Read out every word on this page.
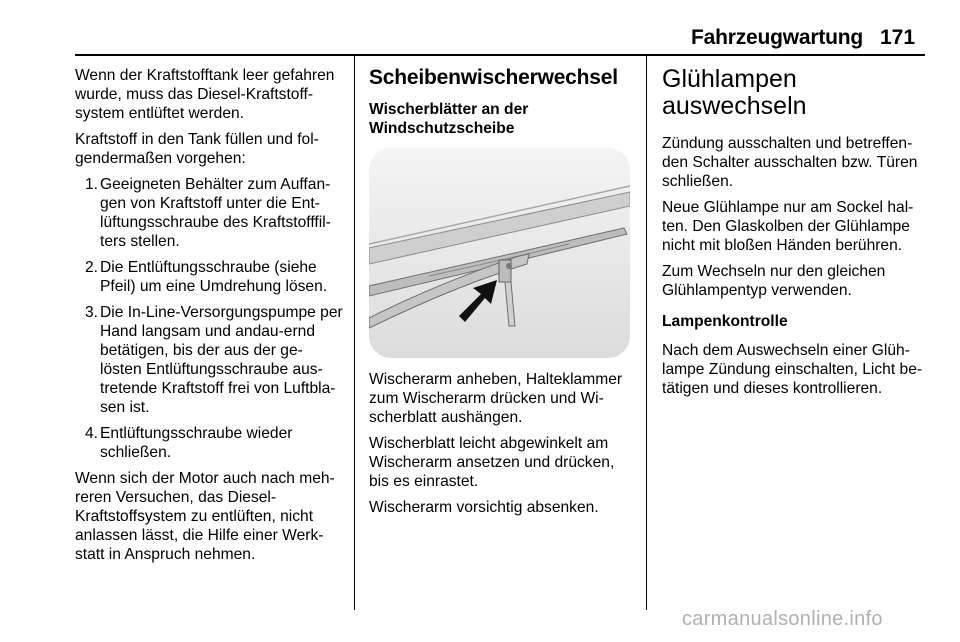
Fahrzeugwartung 171

Wenn der Kraftstofftank leer gefahren wurde, muss das Diesel-Kraftstoff-system entlüftet werden.

Kraftstoff in den Tank füllen und fol-gendermaßen vorgehen:

1. Geeigneten Behälter zum Auffan-gen von Kraftstoff unter die Ent-lüftungsschraube des Kraftstofffil-ters stellen.
2. Die Entlüftungsschraube (siehe Pfeil) um eine Umdrehung lösen.
3. Die In-Line-Versorgungspumpe per Hand langsam und andau-ernd betätigen, bis der aus der ge-lösten Entlüftungsschraube aus-tretende Kraftstoff frei von Luftbla-sen ist.
4. Entlüftungsschraube wieder schließen.

Wenn sich der Motor auch nach meh-reren Versuchen, das Diesel-Kraftstoffsystem zu entlüften, nicht anlassen lässt, die Hilfe einer Werk-statt in Anspruch nehmen.

Scheibenwischerwechsel
Wischerblätter an der Windschutzscheibe

Wischerarm anheben, Halteklammer zum Wischerarm drücken und Wi-scherblatt aushängen.

Wischerblatt leicht abgewinkelt am Wischerarm ansetzen und drücken, bis es einrastet.

Wischerarm vorsichtig absenken.

Glühlampen auswechseln

Zündung ausschalten und betreffen-den Schalter ausschalten bzw. Türen schließen.

Neue Glühlampe nur am Sockel hal-ten. Den Glaskolben der Glühlampe nicht mit bloßen Händen berühren.

Zum Wechseln nur den gleichen Glühlampentyp verwenden.

Lampenkontrolle

Nach dem Auswechseln einer Glüh-lampe Zündung einschalten, Licht be-tätigen und dieses kontrollieren.

carmanualsonline.info
